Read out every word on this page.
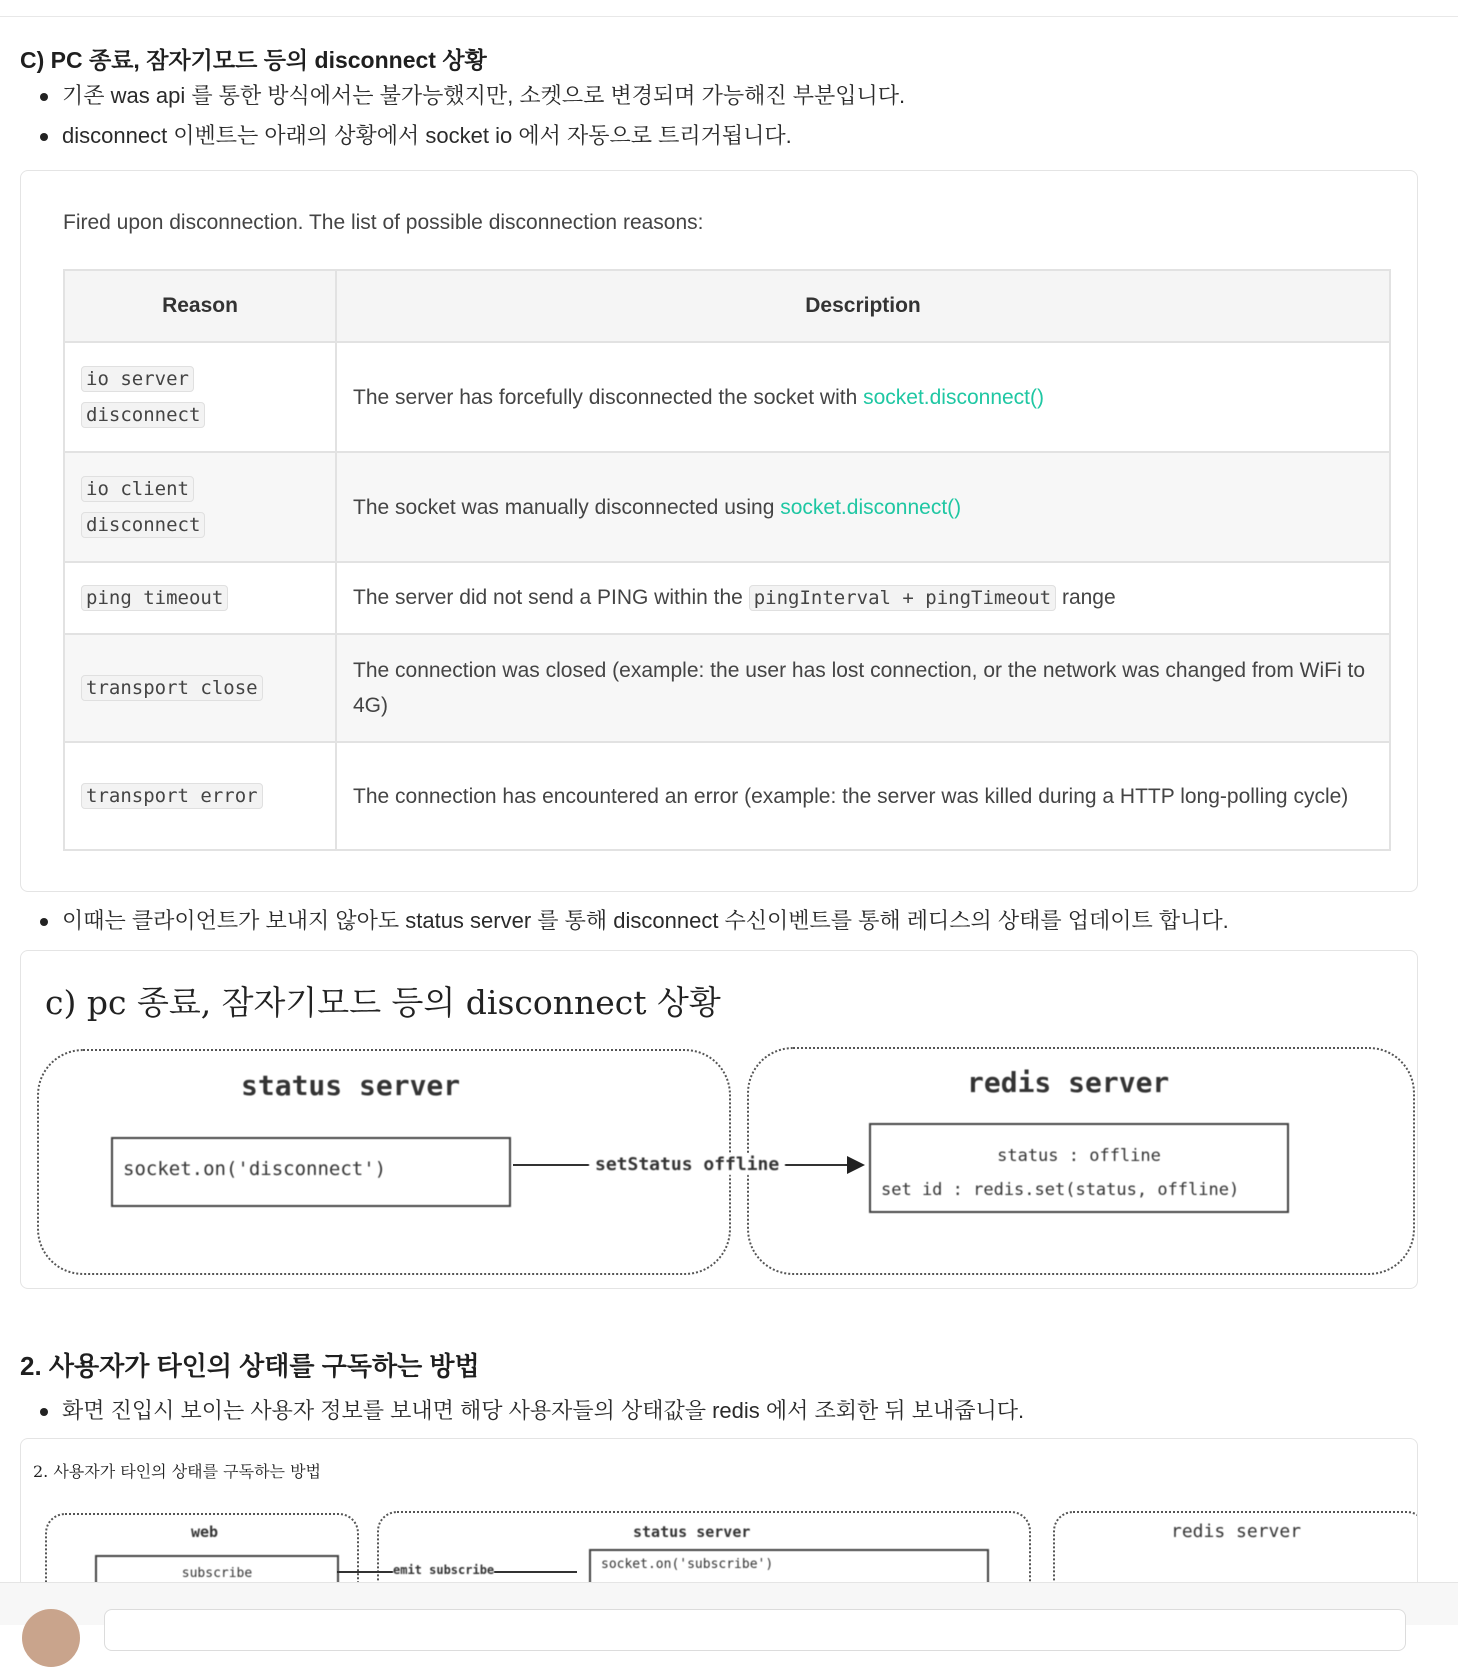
C) PC 종료, 잠자기모드 등의 disconnect 상황
기존 was api 를 통한 방식에서는 불가능했지만, 소켓으로 변경되며 가능해진 부분입니다.
disconnect 이벤트는 아래의 상황에서 socket io 에서 자동으로 트리거됩니다.
Fired upon disconnection. The list of possible disconnection reasons:
Reason	Description
io server
disconnect	The server has forcefully disconnected the socket with socket.disconnect()
io client
disconnect	The socket was manually disconnected using socket.disconnect()
ping timeout	The server did not send a PING within the pingInterval + pingTimeout range
transport close	The connection was closed (example: the user has lost connection, or the network was changed from WiFi to 4G)
transport error	The connection has encountered an error (example: the server was killed during a HTTP long-polling cycle)
이때는 클라이언트가 보내지 않아도 status server 를 통해 disconnect 수신이벤트를 통해 레디스의 상태를 업데이트 합니다.
c) pc 종료, 잠자기모드 등의 disconnect 상황
status server	redis server
socket.on('disconnect')	setStatus offline	status : offline
set id : redis.set(status, offline)
2. 사용자가 타인의 상태를 구독하는 방법
화면 진입시 보이는 사용자 정보를 보내면 해당 사용자들의 상태값을 redis 에서 조회한 뒤 보내줍니다.
2. 사용자가 타인의 상태를 구독하는 방법
web	status server	redis server
subscribe	emit subscribe	socket.on('subscribe')
